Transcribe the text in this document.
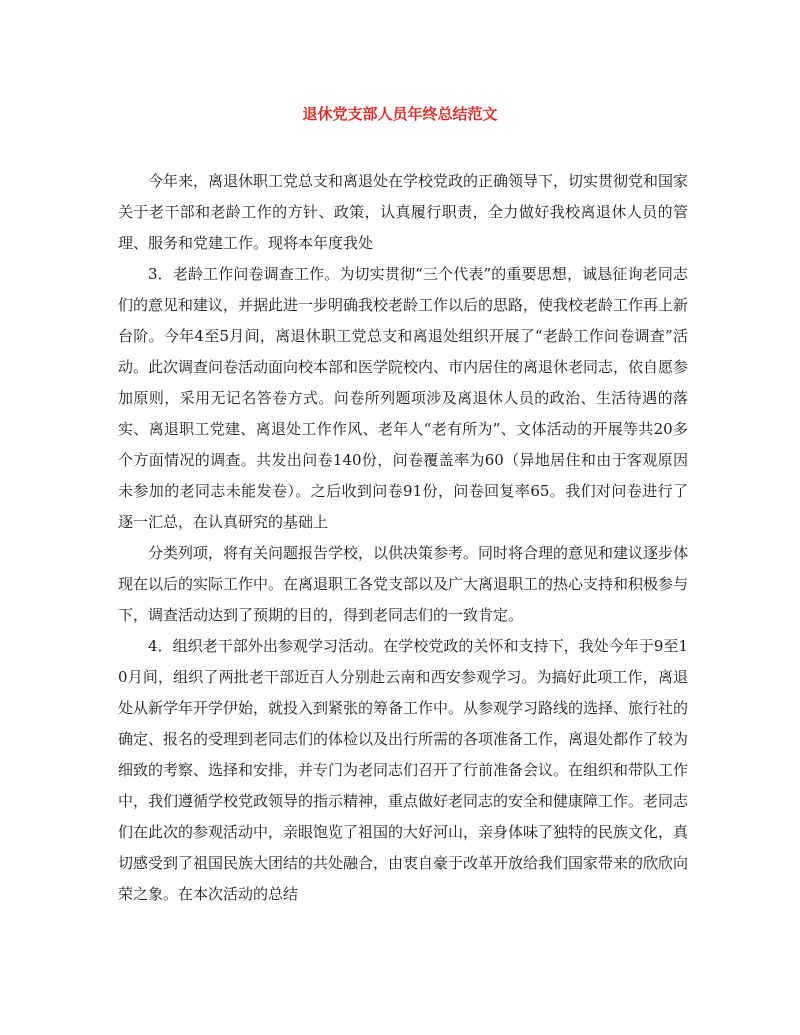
退休党支部人员年终总结范文

今年来，离退休职工党总支和离退处在学校党政的正确领导下，切实贯彻党和国家关于老干部和老龄工作的方针、政策，认真履行职责，全力做好我校离退休人员的管理、服务和党建工作。现将本年度我处

3．老龄工作问卷调查工作。为切实贯彻“三个代表”的重要思想，诚恳征询老同志们的意见和建议，并据此进一步明确我校老龄工作以后的思路，使我校老龄工作再上新台阶。今年4至5月间，离退休职工党总支和离退处组织开展了“老龄工作问卷调查”活动。此次调查问卷活动面向校本部和医学院校内、市内居住的离退休老同志，依自愿参加原则，采用无记名答卷方式。问卷所列题项涉及离退休人员的政治、生活待遇的落实、离退职工党建、离退处工作作风、老年人“老有所为”、文体活动的开展等共20多个方面情况的调查。共发出问卷140份，问卷覆盖率为60（异地居住和由于客观原因未参加的老同志未能发卷）。之后收到问卷91份，问卷回复率65。我们对问卷进行了逐一汇总，在认真研究的基础上

分类列项，将有关问题报告学校，以供决策参考。同时将合理的意见和建议逐步体现在以后的实际工作中。在离退职工各党支部以及广大离退职工的热心支持和积极参与下，调查活动达到了预期的目的，得到老同志们的一致肯定。

4．组织老干部外出参观学习活动。在学校党政的关怀和支持下，我处今年于9至10月间，组织了两批老干部近百人分别赴云南和西安参观学习。为搞好此项工作，离退处从新学年开学伊始，就投入到紧张的筹备工作中。从参观学习路线的选择、旅行社的确定、报名的受理到老同志们的体检以及出行所需的各项准备工作，离退处都作了较为细致的考察、选择和安排，并专门为老同志们召开了行前准备会议。在组织和带队工作中，我们遵循学校党政领导的指示精神，重点做好老同志的安全和健康障工作。老同志们在此次的参观活动中，亲眼饱览了祖国的大好河山，亲身体味了独特的民族文化，真切感受到了祖国民族大团结的共处融合，由衷自豪于改革开放给我们国家带来的欣欣向荣之象。在本次活动的总结
